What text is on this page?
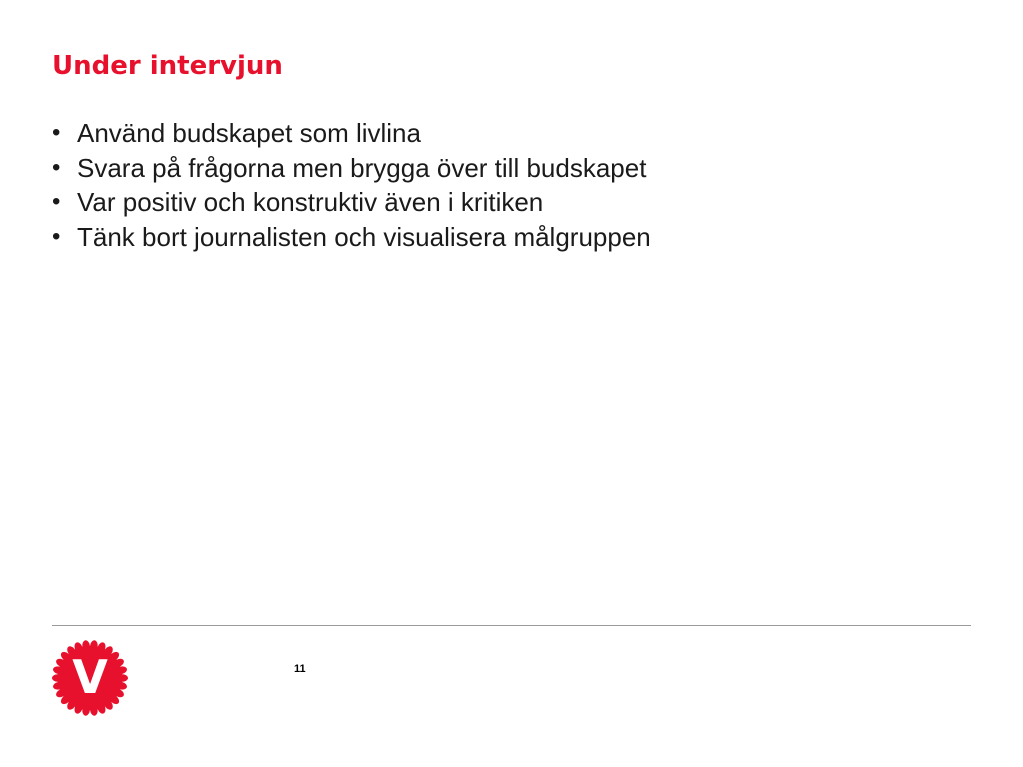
Under intervjun
• Använd budskapet som livlina
• Svara på frågorna men brygga över till budskapet
• Var positiv och konstruktiv även i kritiken
• Tänk bort journalisten och visualisera målgruppen
V	11
